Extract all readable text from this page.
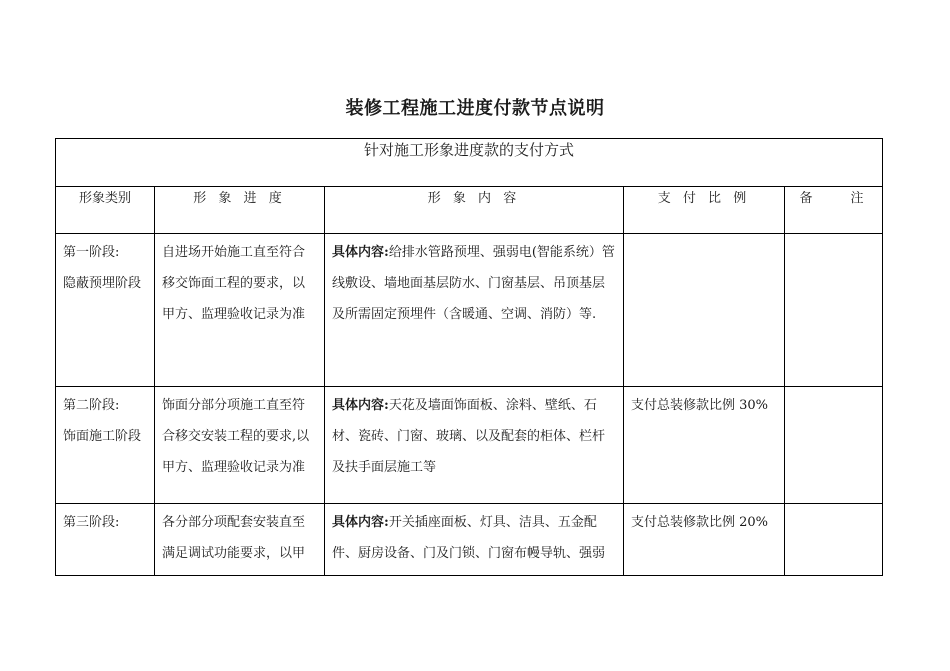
装修工程施工进度付款节点说明
针对施工形象进度款的支付方式				
形象类别	形 象 进 度	形 象 内 容	支 付 比 例	备　　注

第一阶段:
隐蔽预埋阶段	自进场开始施工直至符合移交饰面工程的要求，以甲方、监理验收记录为准	具体内容:给排水管路预埋、强弱电(智能系统）管线敷设、墙地面基层防水、门窗基层、吊顶基层及所需固定预埋件（含暖通、空调、消防）等.		

第二阶段:
饰面施工阶段	饰面分部分项施工直至符合移交安装工程的要求,以甲方、监理验收记录为准	具体内容:天花及墙面饰面板、涂料、壁纸、石材、瓷砖、门窗、玻璃、以及配套的柜体、栏杆及扶手面层施工等	支付总装修款比例 30%	

第三阶段:	各分部分项配套安装直至满足调试功能要求，以甲	具体内容:开关插座面板、灯具、洁具、五金配件、厨房设备、门及门锁、门窗布幔导轨、强弱	支付总装修款比例 20%	
